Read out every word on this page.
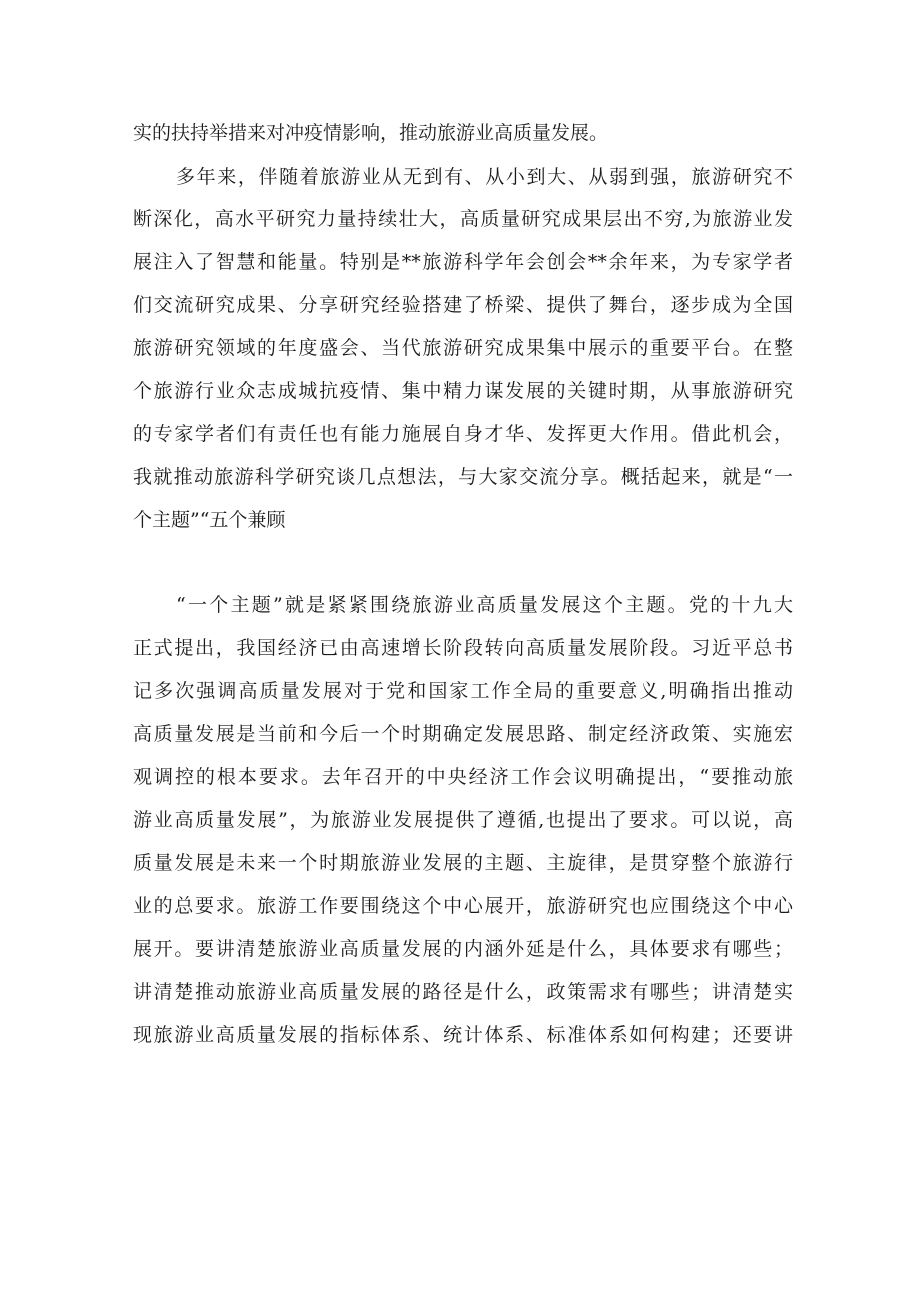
实的扶持举措来对冲疫情影响，推动旅游业高质量发展。
多年来，伴随着旅游业从无到有、从小到大、从弱到强，旅游研究不
断深化，高水平研究力量持续壮大，高质量研究成果层出不穷,为旅游业发
展注入了智慧和能量。特别是**旅游科学年会创会**余年来，为专家学者
们交流研究成果、分享研究经验搭建了桥梁、提供了舞台，逐步成为全国
旅游研究领域的年度盛会、当代旅游研究成果集中展示的重要平台。在整
个旅游行业众志成城抗疫情、集中精力谋发展的关键时期，从事旅游研究
的专家学者们有责任也有能力施展自身才华、发挥更大作用。借此机会，
我就推动旅游科学研究谈几点想法，与大家交流分享。概括起来，就是“一
个主题”“五个兼顾
“一个主题”就是紧紧围绕旅游业高质量发展这个主题。党的十九大
正式提出，我国经济已由高速增长阶段转向高质量发展阶段。习近平总书
记多次强调高质量发展对于党和国家工作全局的重要意义,明确指出推动
高质量发展是当前和今后一个时期确定发展思路、制定经济政策、实施宏
观调控的根本要求。去年召开的中央经济工作会议明确提出，“要推动旅
游业高质量发展”，为旅游业发展提供了遵循,也提出了要求。可以说，高
质量发展是未来一个时期旅游业发展的主题、主旋律，是贯穿整个旅游行
业的总要求。旅游工作要围绕这个中心展开，旅游研究也应围绕这个中心
展开。要讲清楚旅游业高质量发展的内涵外延是什么，具体要求有哪些；
讲清楚推动旅游业高质量发展的路径是什么，政策需求有哪些；讲清楚实
现旅游业高质量发展的指标体系、统计体系、标准体系如何构建；还要讲
